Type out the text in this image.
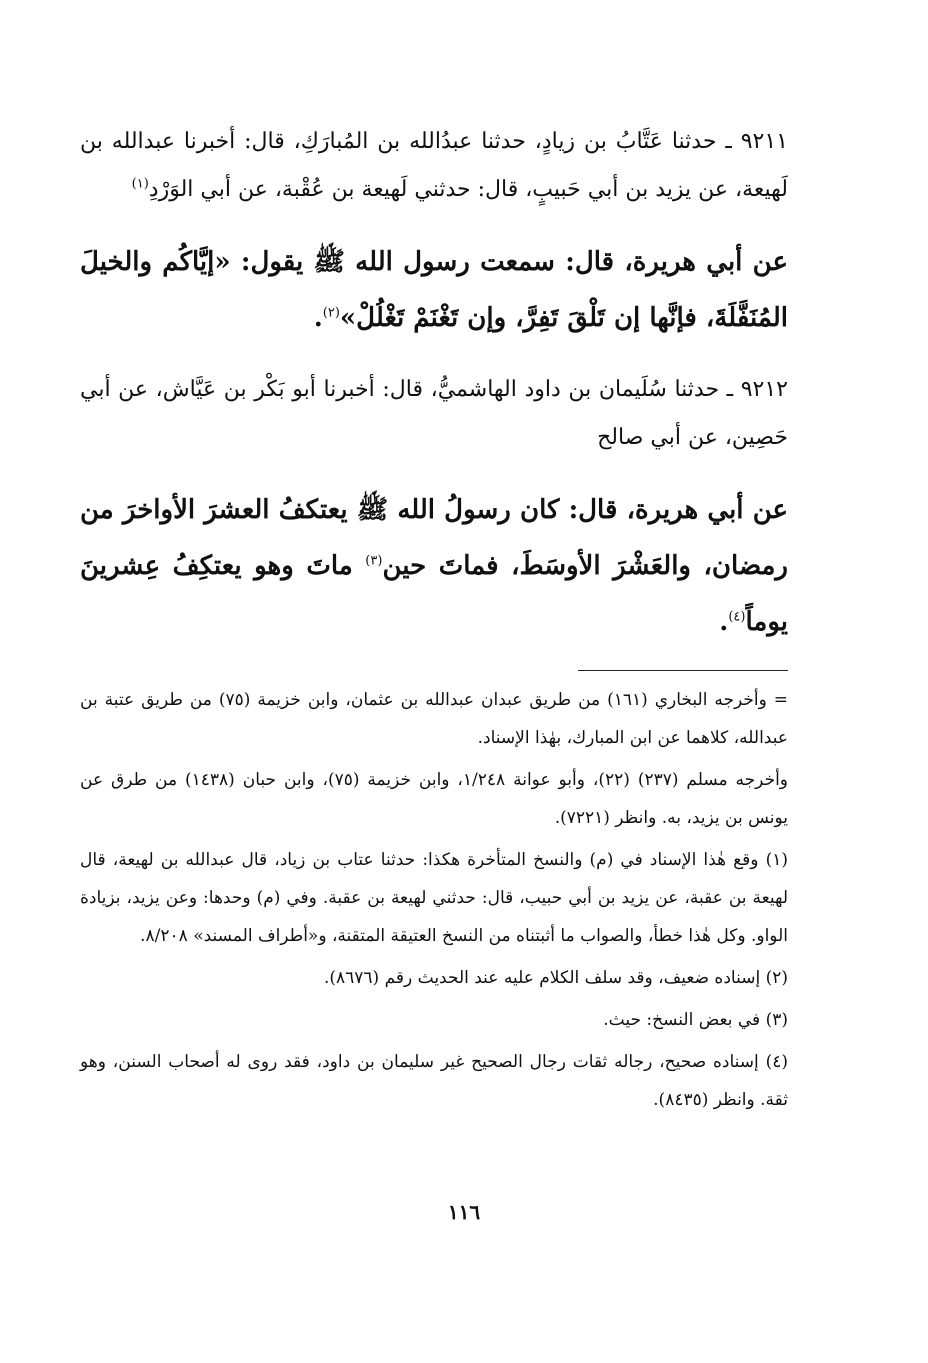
٩٢١١ ـ حدثنا عَتَّابُ بن زيادٍ، حدثنا عبدُالله بن المُبارَكِ، قال: أخبرنا عبدالله بن لَهيعة، عن يزيد بن أبي حَبيبٍ، قال: حدثني لَهيعة بن عُقْبة، عن أبي الوَرْدِ$^{(١)}$

عن أبي هريرة، قال: سمعت رسول الله ﷺ يقول: «إيَّاكُم والخيلَ المُنَفَّلَةَ، فإنَّها إن تَلْقَ تَفِرَّ، وإن تَغْنَمْ تَغْلُلْ»$^{(٢)}$.

٩٢١٢ ـ حدثنا سُلَيمان بن داود الهاشميُّ، قال: أخبرنا أبو بَكْر بن عَيَّاش، عن أبي حَصِين، عن أبي صالح

عن أبي هريرة، قال: كان رسولُ الله ﷺ يعتكفُ العشرَ الأواخرَ من رمضان، والعَشْرَ الأوسَطَ، فماتَ حين$^{(٣)}$ ماتَ وهو يعتكِفُ عِشرينَ يوماً$^{(٤)}$.

= وأخرجه البخاري (١٦١) من طريق عبدان عبدالله بن عثمان، وابن خزيمة (٧٥) من طريق عتبة بن عبدالله، كلاهما عن ابن المبارك، بهٰذا الإسناد.

وأخرجه مسلم (٢٣٧) (٢٢)، وأبو عوانة ١/٢٤٨، وابن خزيمة (٧٥)، وابن حبان (١٤٣٨) من طرق عن يونس بن يزيد، به. وانظر (٧٢٢١).

(١) وقع هٰذا الإسناد في (م) والنسخ المتأخرة هكذا: حدثنا عتاب بن زياد، قال عبدالله بن لهيعة، قال لهيعة بن عقبة، عن يزيد بن أبي حبيب، قال: حدثني لهيعة بن عقبة. وفي (م) وحدها: وعن يزيد، بزيادة الواو. وكل هٰذا خطأ، والصواب ما أثبتناه من النسخ العتيقة المتقنة، و«أطراف المسند» ٨/٢٠٨.

(٢) إسناده ضعيف، وقد سلف الكلام عليه عند الحديث رقم (٨٦٧٦).

(٣) في بعض النسخ: حيث.

(٤) إسناده صحيح، رجاله ثقات رجال الصحيح غير سليمان بن داود، فقد روى له أصحاب السنن، وهو ثقة. وانظر (٨٤٣٥).

١١٦
